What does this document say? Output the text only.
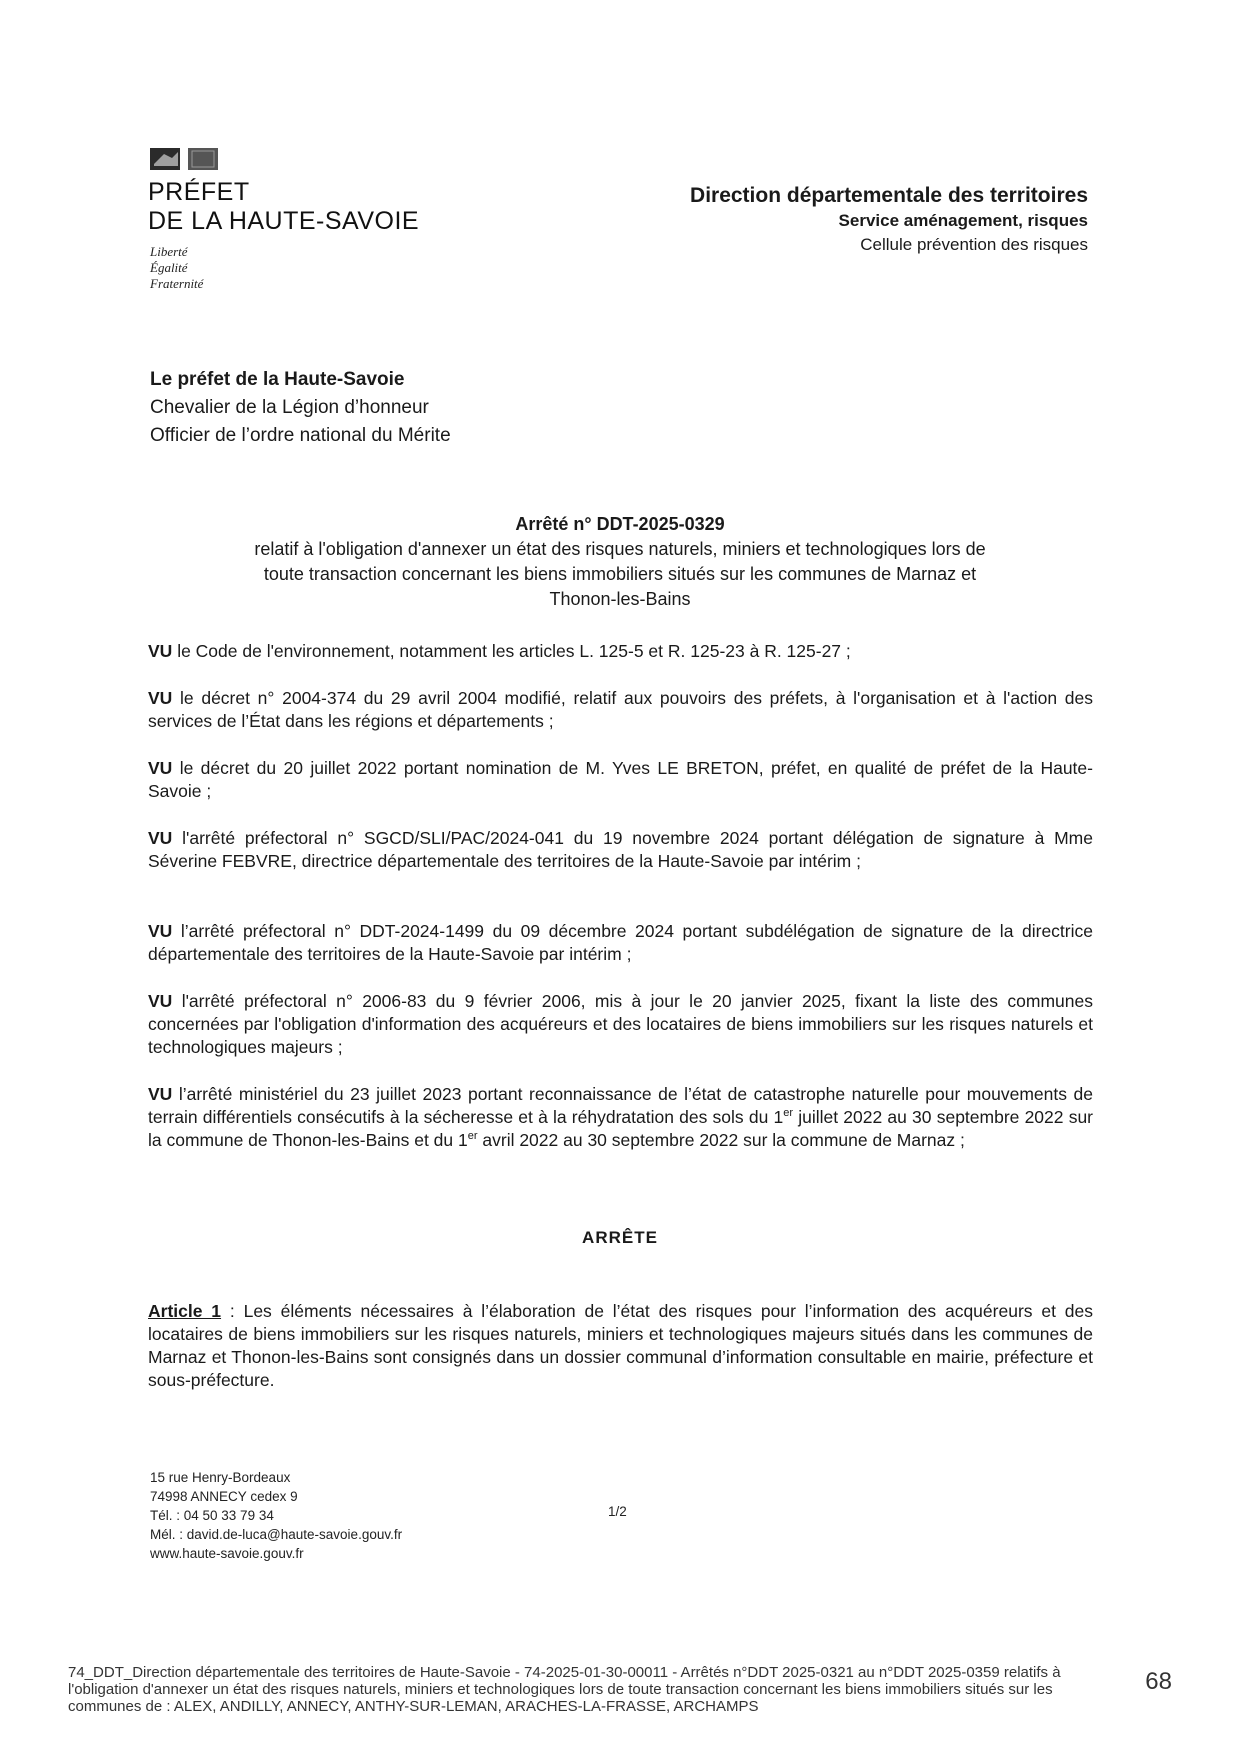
PRÉFET
DE LA HAUTE-SAVOIE
Liberté
Égalité
Fraternité
Direction départementale des territoires
Service aménagement, risques
Cellule prévention des risques
Le préfet de la Haute-Savoie
Chevalier de la Légion d’honneur
Officier de l’ordre national du Mérite
Arrêté n° DDT-2025-0329
relatif à l'obligation d'annexer un état des risques naturels, miniers et technologiques lors de
toute transaction concernant les biens immobiliers situés sur les communes de Marnaz et
Thonon-les-Bains
VU le Code de l'environnement, notamment les articles L. 125-5 et R. 125-23 à R. 125-27 ;
VU le décret n° 2004-374 du 29 avril 2004 modifié, relatif aux pouvoirs des préfets, à l'organisation et à l'action des services de l’État dans les régions et départements ;
VU le décret du 20 juillet 2022 portant nomination de M. Yves LE BRETON, préfet, en qualité de préfet de la Haute-Savoie ;
VU l'arrêté préfectoral n° SGCD/SLI/PAC/2024-041 du 19 novembre 2024 portant délégation de signature à Mme Séverine FEBVRE, directrice départementale des territoires de la Haute-Savoie par intérim ;
VU l’arrêté préfectoral n° DDT-2024-1499 du 09 décembre 2024 portant subdélégation de signature de la directrice départementale des territoires de la Haute-Savoie par intérim ;
VU l'arrêté préfectoral n° 2006-83 du 9 février 2006, mis à jour le 20 janvier 2025, fixant la liste des communes concernées par l'obligation d'information des acquéreurs et des locataires de biens immobiliers sur les risques naturels et technologiques majeurs ;
VU l’arrêté ministériel du 23 juillet 2023 portant reconnaissance de l’état de catastrophe naturelle pour mouvements de terrain différentiels consécutifs à la sécheresse et à la réhydratation des sols du 1er juillet 2022 au 30 septembre 2022 sur la commune de Thonon-les-Bains et du 1er avril 2022 au 30 septembre 2022 sur la commune de Marnaz ;
ARRÊTE
Article 1 : Les éléments nécessaires à l’élaboration de l’état des risques pour l’information des acquéreurs et des locataires de biens immobiliers sur les risques naturels, miniers et technologiques majeurs situés dans les communes de Marnaz et Thonon-les-Bains sont consignés dans un dossier communal d’information consultable en mairie, préfecture et sous-préfecture.
15 rue Henry-Bordeaux
74998 ANNECY cedex 9
Tél. : 04 50 33 79 34
Mél. : david.de-luca@haute-savoie.gouv.fr
www.haute-savoie.gouv.fr
1/2
74_DDT_Direction départementale des territoires de Haute-Savoie - 74-2025-01-30-00011 - Arrêtés n°DDT 2025-0321 au n°DDT 2025-0359 relatifs à l'obligation d'annexer un état des risques naturels, miniers et technologiques lors de toute transaction concernant les biens immobiliers situés sur les communes de : ALEX, ANDILLY, ANNECY, ANTHY-SUR-LEMAN, ARACHES-LA-FRASSE, ARCHAMPS
68
